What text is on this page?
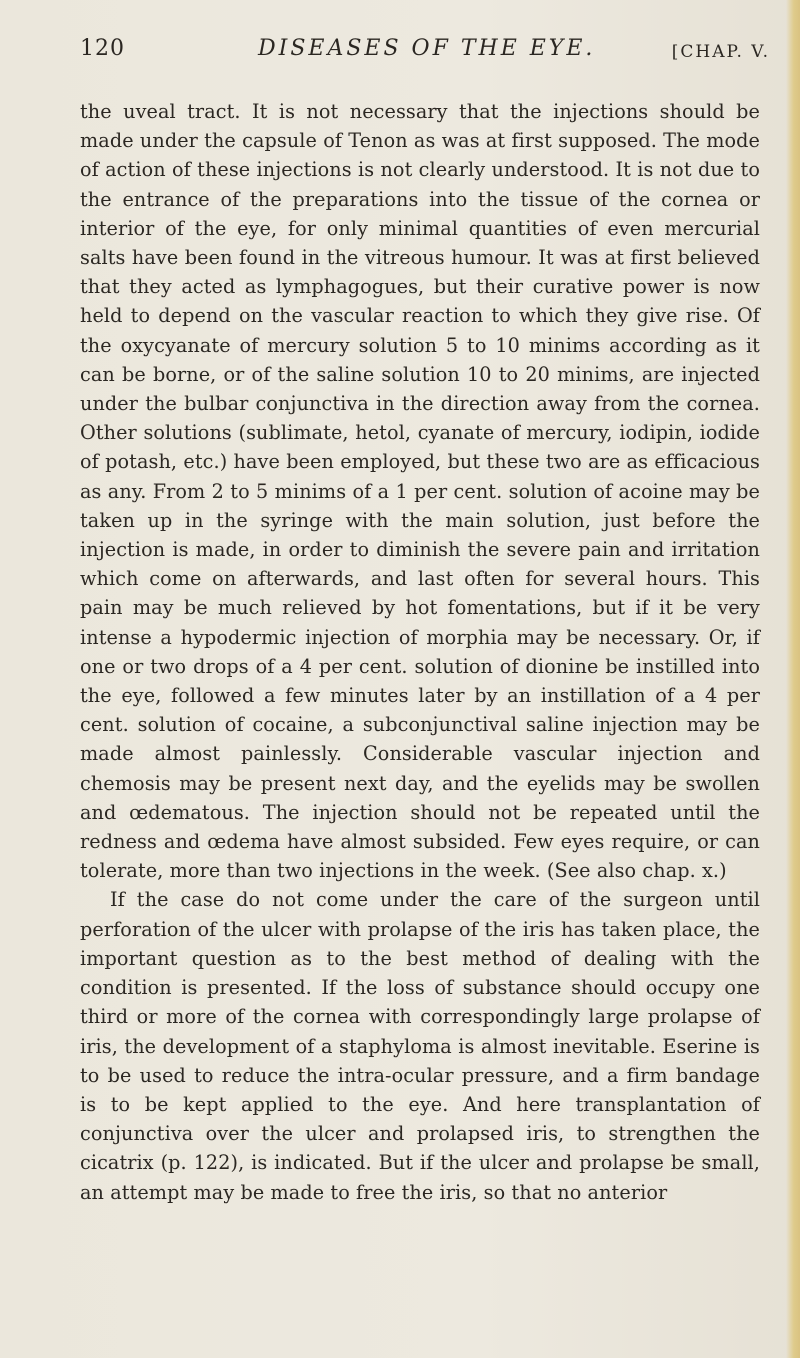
120	DISEASES OF THE EYE.	[CHAP. V.

the uveal tract. It is not necessary that the injections should be made under the capsule of Tenon as was at first supposed. The mode of action of these injections is not clearly understood. It is not due to the entrance of the preparations into the tissue of the cornea or interior of the eye, for only minimal quantities of even mercurial salts have been found in the vitreous humour. It was at first believed that they acted as lymphagogues, but their curative power is now held to depend on the vascular reaction to which they give rise. Of the oxycyanate of mercury solution 5 to 10 minims according as it can be borne, or of the saline solution 10 to 20 minims, are injected under the bulbar conjunctiva in the direction away from the cornea. Other solutions (sublimate, hetol, cyanate of mercury, iodipin, iodide of potash, etc.) have been employed, but these two are as efficacious as any. From 2 to 5 minims of a 1 per cent. solution of acoine may be taken up in the syringe with the main solution, just before the injection is made, in order to diminish the severe pain and irritation which come on afterwards, and last often for several hours. This pain may be much relieved by hot fomentations, but if it be very intense a hypodermic injection of morphia may be necessary. Or, if one or two drops of a 4 per cent. solution of dionine be instilled into the eye, followed a few minutes later by an instillation of a 4 per cent. solution of cocaine, a subconjunctival saline injection may be made almost painlessly. Considerable vascular injection and chemosis may be present next day, and the eyelids may be swollen and œdematous. The injection should not be repeated until the redness and œdema have almost subsided. Few eyes require, or can tolerate, more than two injections in the week. (See also chap. x.)

If the case do not come under the care of the surgeon until perforation of the ulcer with prolapse of the iris has taken place, the important question as to the best method of dealing with the condition is presented. If the loss of substance should occupy one third or more of the cornea with correspondingly large prolapse of iris, the development of a staphyloma is almost inevitable. Eserine is to be used to reduce the intra-ocular pressure, and a firm bandage is to be kept applied to the eye. And here transplantation of conjunctiva over the ulcer and prolapsed iris, to strengthen the cicatrix (p. 122), is indicated. But if the ulcer and prolapse be small, an attempt may be made to free the iris, so that no anterior
